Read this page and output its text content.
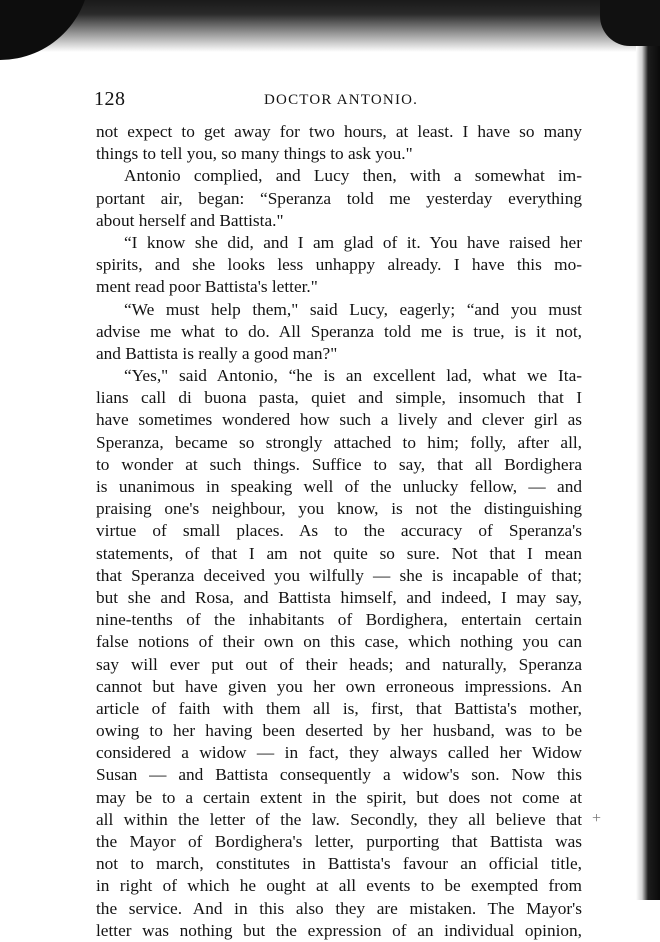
128	DOCTOR ANTONIO.
not expect to get away for two hours, at least. I have so many
things to tell you, so many things to ask you."
Antonio complied, and Lucy then, with a somewhat im-
portant air, began: “Speranza told me yesterday everything
about herself and Battista."
“I know she did, and I am glad of it. You have raised her
spirits, and she looks less unhappy already. I have this mo-
ment read poor Battista's letter."
“We must help them," said Lucy, eagerly; “and you must
advise me what to do. All Speranza told me is true, is it not,
and Battista is really a good man?"
“Yes," said Antonio, “he is an excellent lad, what we Ita-
lians call di buona pasta, quiet and simple, insomuch that I
have sometimes wondered how such a lively and clever girl as
Speranza, became so strongly attached to him; folly, after all,
to wonder at such things. Suffice to say, that all Bordighera
is unanimous in speaking well of the unlucky fellow, — and
praising one's neighbour, you know, is not the distinguishing
virtue of small places. As to the accuracy of Speranza's
statements, of that I am not quite so sure. Not that I mean
that Speranza deceived you wilfully — she is incapable of that;
but she and Rosa, and Battista himself, and indeed, I may say,
nine-tenths of the inhabitants of Bordighera, entertain certain
false notions of their own on this case, which nothing you can
say will ever put out of their heads; and naturally, Speranza
cannot but have given you her own erroneous impressions. An
article of faith with them all is, first, that Battista's mother,
owing to her having been deserted by her husband, was to be
considered a widow — in fact, they always called her Widow
Susan — and Battista consequently a widow's son. Now this
may be to a certain extent in the spirit, but does not come at
all within the letter of the law. Secondly, they all believe that
the Mayor of Bordighera's letter, purporting that Battista was
not to march, constitutes in Battista's favour an official title,
in right of which he ought at all events to be exempted from
the service. And in this also they are mistaken. The Mayor's
letter was nothing but the expression of an individual opinion,
+
